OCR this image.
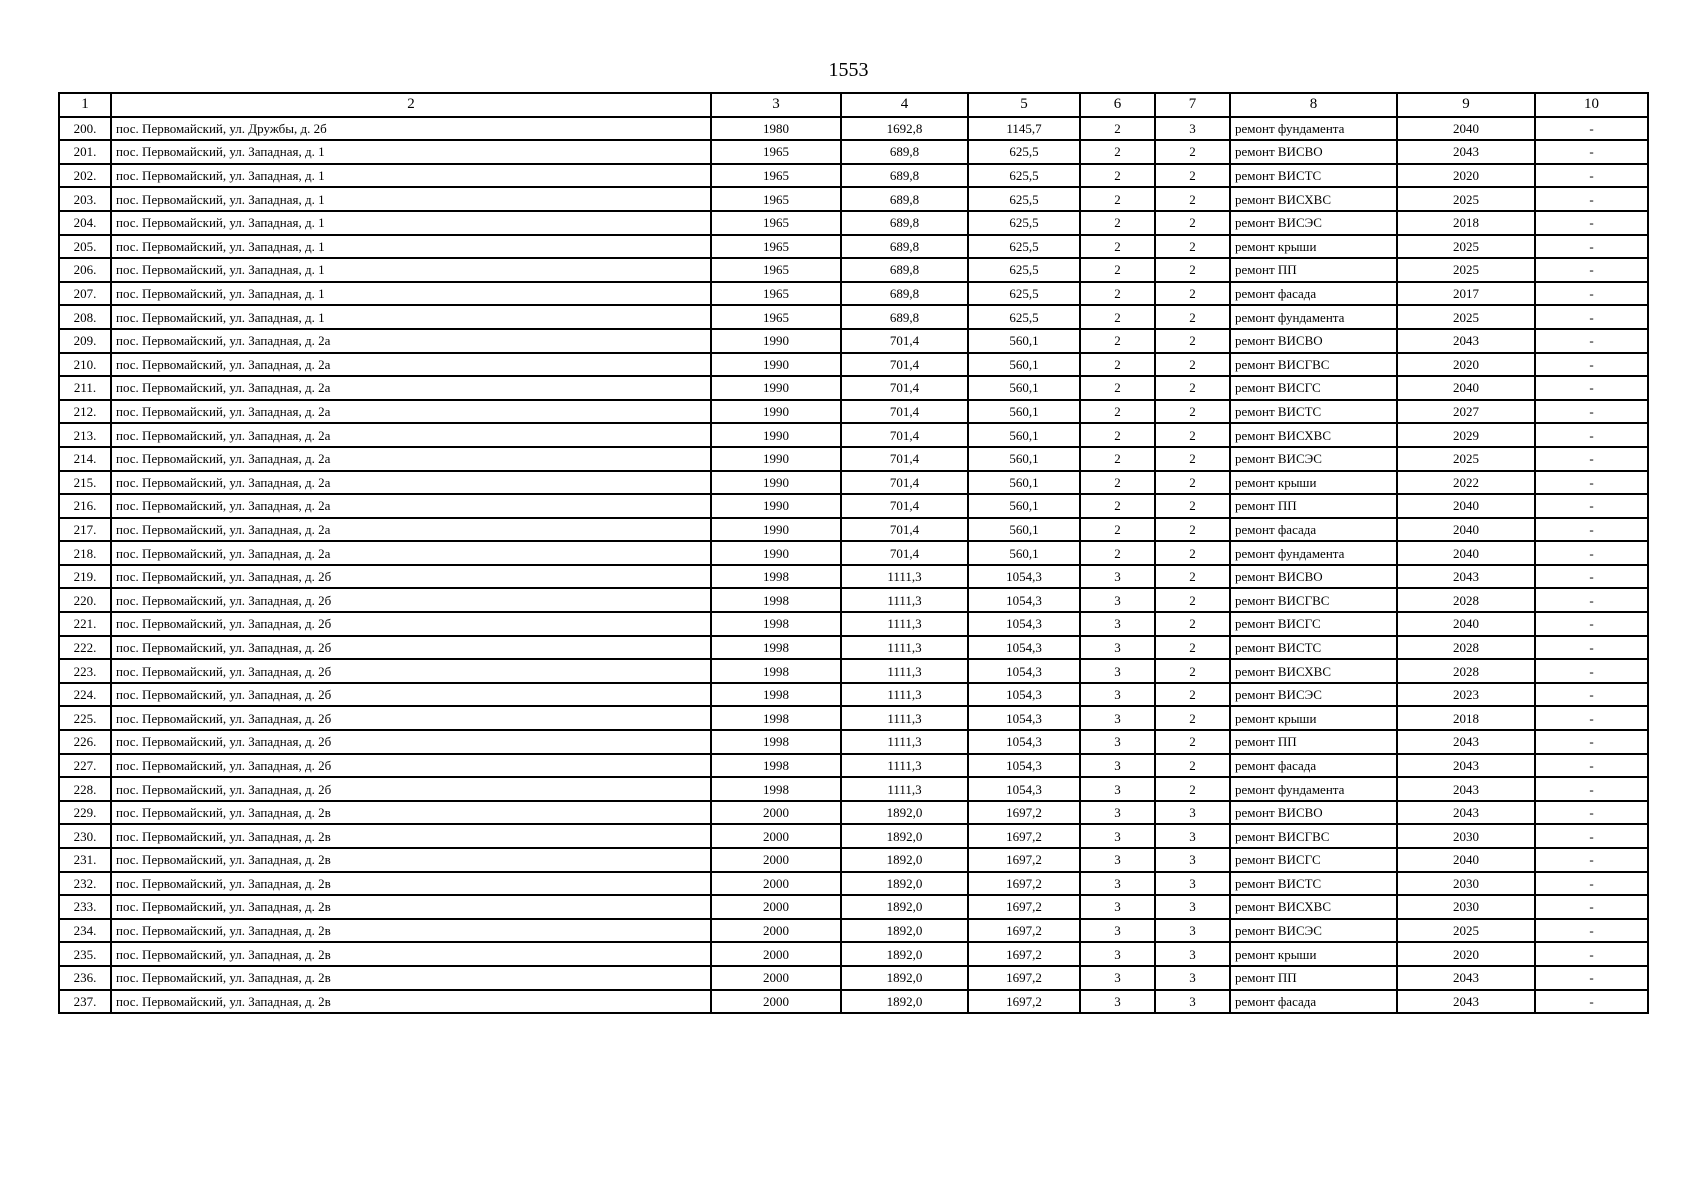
1553
1	2	3	4	5	6	7	8	9	10
200.	пос. Первомайский, ул. Дружбы, д. 2б	1980	1692,8	1145,7	2	3	ремонт фундамента	2040	-
201.	пос. Первомайский, ул. Западная, д. 1	1965	689,8	625,5	2	2	ремонт ВИСВО	2043	-
202.	пос. Первомайский, ул. Западная, д. 1	1965	689,8	625,5	2	2	ремонт ВИСТС	2020	-
203.	пос. Первомайский, ул. Западная, д. 1	1965	689,8	625,5	2	2	ремонт ВИСХВС	2025	-
204.	пос. Первомайский, ул. Западная, д. 1	1965	689,8	625,5	2	2	ремонт ВИСЭС	2018	-
205.	пос. Первомайский, ул. Западная, д. 1	1965	689,8	625,5	2	2	ремонт крыши	2025	-
206.	пос. Первомайский, ул. Западная, д. 1	1965	689,8	625,5	2	2	ремонт ПП	2025	-
207.	пос. Первомайский, ул. Западная, д. 1	1965	689,8	625,5	2	2	ремонт фасада	2017	-
208.	пос. Первомайский, ул. Западная, д. 1	1965	689,8	625,5	2	2	ремонт фундамента	2025	-
209.	пос. Первомайский, ул. Западная, д. 2а	1990	701,4	560,1	2	2	ремонт ВИСВО	2043	-
210.	пос. Первомайский, ул. Западная, д. 2а	1990	701,4	560,1	2	2	ремонт ВИСГВС	2020	-
211.	пос. Первомайский, ул. Западная, д. 2а	1990	701,4	560,1	2	2	ремонт ВИСГС	2040	-
212.	пос. Первомайский, ул. Западная, д. 2а	1990	701,4	560,1	2	2	ремонт ВИСТС	2027	-
213.	пос. Первомайский, ул. Западная, д. 2а	1990	701,4	560,1	2	2	ремонт ВИСХВС	2029	-
214.	пос. Первомайский, ул. Западная, д. 2а	1990	701,4	560,1	2	2	ремонт ВИСЭС	2025	-
215.	пос. Первомайский, ул. Западная, д. 2а	1990	701,4	560,1	2	2	ремонт крыши	2022	-
216.	пос. Первомайский, ул. Западная, д. 2а	1990	701,4	560,1	2	2	ремонт ПП	2040	-
217.	пос. Первомайский, ул. Западная, д. 2а	1990	701,4	560,1	2	2	ремонт фасада	2040	-
218.	пос. Первомайский, ул. Западная, д. 2а	1990	701,4	560,1	2	2	ремонт фундамента	2040	-
219.	пос. Первомайский, ул. Западная, д. 2б	1998	1111,3	1054,3	3	2	ремонт ВИСВО	2043	-
220.	пос. Первомайский, ул. Западная, д. 2б	1998	1111,3	1054,3	3	2	ремонт ВИСГВС	2028	-
221.	пос. Первомайский, ул. Западная, д. 2б	1998	1111,3	1054,3	3	2	ремонт ВИСГС	2040	-
222.	пос. Первомайский, ул. Западная, д. 2б	1998	1111,3	1054,3	3	2	ремонт ВИСТС	2028	-
223.	пос. Первомайский, ул. Западная, д. 2б	1998	1111,3	1054,3	3	2	ремонт ВИСХВС	2028	-
224.	пос. Первомайский, ул. Западная, д. 2б	1998	1111,3	1054,3	3	2	ремонт ВИСЭС	2023	-
225.	пос. Первомайский, ул. Западная, д. 2б	1998	1111,3	1054,3	3	2	ремонт крыши	2018	-
226.	пос. Первомайский, ул. Западная, д. 2б	1998	1111,3	1054,3	3	2	ремонт ПП	2043	-
227.	пос. Первомайский, ул. Западная, д. 2б	1998	1111,3	1054,3	3	2	ремонт фасада	2043	-
228.	пос. Первомайский, ул. Западная, д. 2б	1998	1111,3	1054,3	3	2	ремонт фундамента	2043	-
229.	пос. Первомайский, ул. Западная, д. 2в	2000	1892,0	1697,2	3	3	ремонт ВИСВО	2043	-
230.	пос. Первомайский, ул. Западная, д. 2в	2000	1892,0	1697,2	3	3	ремонт ВИСГВС	2030	-
231.	пос. Первомайский, ул. Западная, д. 2в	2000	1892,0	1697,2	3	3	ремонт ВИСГС	2040	-
232.	пос. Первомайский, ул. Западная, д. 2в	2000	1892,0	1697,2	3	3	ремонт ВИСТС	2030	-
233.	пос. Первомайский, ул. Западная, д. 2в	2000	1892,0	1697,2	3	3	ремонт ВИСХВС	2030	-
234.	пос. Первомайский, ул. Западная, д. 2в	2000	1892,0	1697,2	3	3	ремонт ВИСЭС	2025	-
235.	пос. Первомайский, ул. Западная, д. 2в	2000	1892,0	1697,2	3	3	ремонт крыши	2020	-
236.	пос. Первомайский, ул. Западная, д. 2в	2000	1892,0	1697,2	3	3	ремонт ПП	2043	-
237.	пос. Первомайский, ул. Западная, д. 2в	2000	1892,0	1697,2	3	3	ремонт фасада	2043	-
